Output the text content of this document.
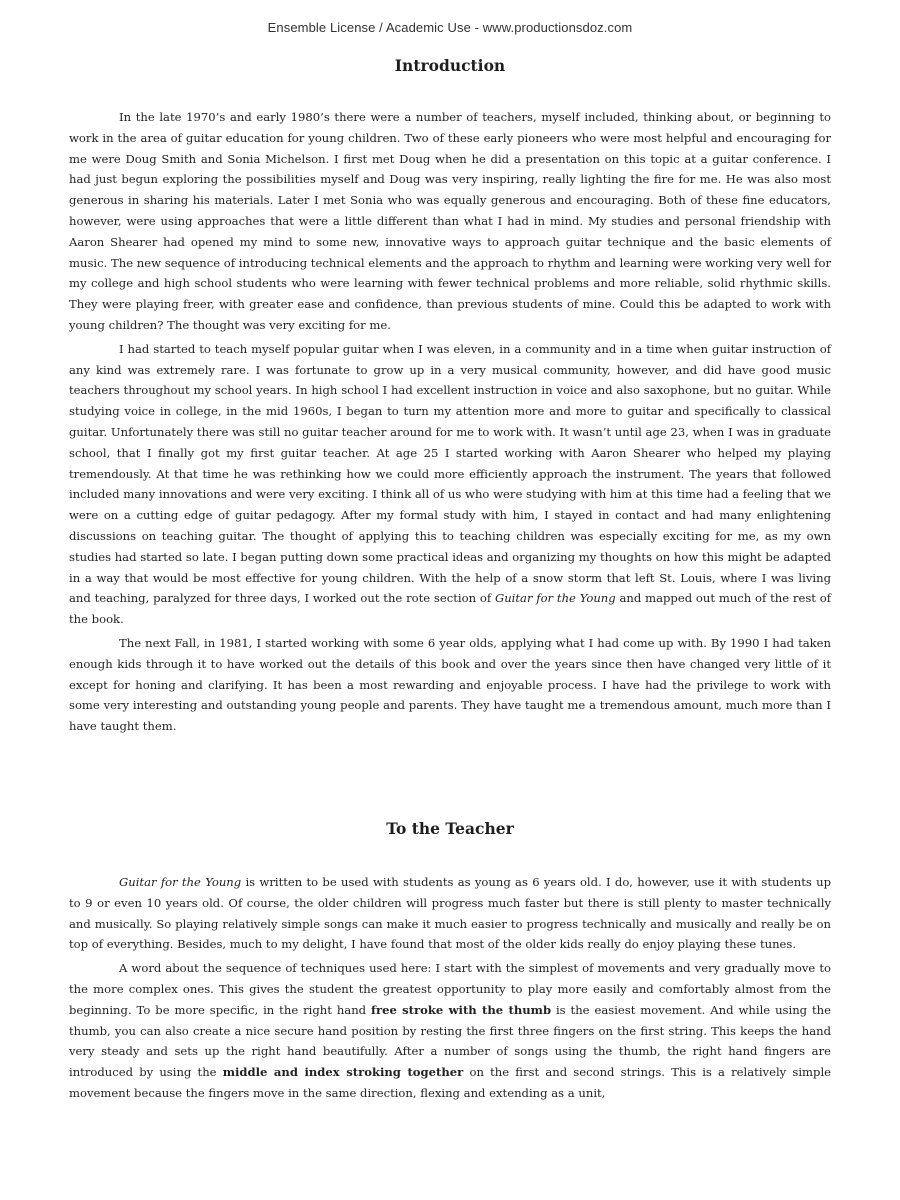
Ensemble License / Academic Use - www.productionsdoz.com
Introduction

In the late 1970’s and early 1980’s there were a number of teachers, myself included, thinking about, or beginning to work in the area of guitar education for young children. Two of these early pioneers who were most helpful and encouraging for me were Doug Smith and Sonia Michelson. I first met Doug when he did a presentation on this topic at a guitar conference. I had just begun exploring the possibilities myself and Doug was very inspiring, really lighting the fire for me. He was also most generous in sharing his materials. Later I met Sonia who was equally generous and encouraging. Both of these fine educators, however, were using approaches that were a little different than what I had in mind. My studies and personal friendship with Aaron Shearer had opened my mind to some new, innovative ways to approach guitar technique and the basic elements of music. The new sequence of introducing technical elements and the approach to rhythm and learning were working very well for my college and high school students who were learning with fewer technical problems and more reliable, solid rhythmic skills. They were playing freer, with greater ease and confidence, than previous students of mine. Could this be adapted to work with young children? The thought was very exciting for me.

I had started to teach myself popular guitar when I was eleven, in a community and in a time when guitar instruction of any kind was extremely rare. I was fortunate to grow up in a very musical community, however, and did have good music teachers throughout my school years. In high school I had excellent instruction in voice and also saxophone, but no guitar. While studying voice in college, in the mid 1960s, I began to turn my attention more and more to guitar and specifically to classical guitar. Unfortunately there was still no guitar teacher around for me to work with. It wasn’t until age 23, when I was in graduate school, that I finally got my first guitar teacher. At age 25 I started working with Aaron Shearer who helped my playing tremendously. At that time he was rethinking how we could more efficiently approach the instrument. The years that followed included many innovations and were very exciting. I think all of us who were studying with him at this time had a feeling that we were on a cutting edge of guitar pedagogy. After my formal study with him, I stayed in contact and had many enlightening discussions on teaching guitar. The thought of applying this to teaching children was especially exciting for me, as my own studies had started so late. I began putting down some practical ideas and organizing my thoughts on how this might be adapted in a way that would be most effective for young children. With the help of a snow storm that left St. Louis, where I was living and teaching, paralyzed for three days, I worked out the rote section of Guitar for the Young and mapped out much of the rest of the book.

The next Fall, in 1981, I started working with some 6 year olds, applying what I had come up with. By 1990 I had taken enough kids through it to have worked out the details of this book and over the years since then have changed very little of it except for honing and clarifying. It has been a most rewarding and enjoyable process. I have had the privilege to work with some very interesting and outstanding young people and parents. They have taught me a tremendous amount, much more than I have taught them.

To the Teacher

Guitar for the Young is written to be used with students as young as 6 years old. I do, however, use it with students up to 9 or even 10 years old. Of course, the older children will progress much faster but there is still plenty to master technically and musically. So playing relatively simple songs can make it much easier to progress technically and musically and really be on top of everything. Besides, much to my delight, I have found that most of the older kids really do enjoy playing these tunes.

A word about the sequence of techniques used here: I start with the simplest of movements and very gradually move to the more complex ones. This gives the student the greatest opportunity to play more easily and comfortably almost from the beginning. To be more specific, in the right hand free stroke with the thumb is the easiest movement. And while using the thumb, you can also create a nice secure hand position by resting the first three fingers on the first string. This keeps the hand very steady and sets up the right hand beautifully. After a number of songs using the thumb, the right hand fingers are introduced by using the middle and index stroking together on the first and second strings. This is a relatively simple movement because the fingers move in the same direction, flexing and extending as a unit,
